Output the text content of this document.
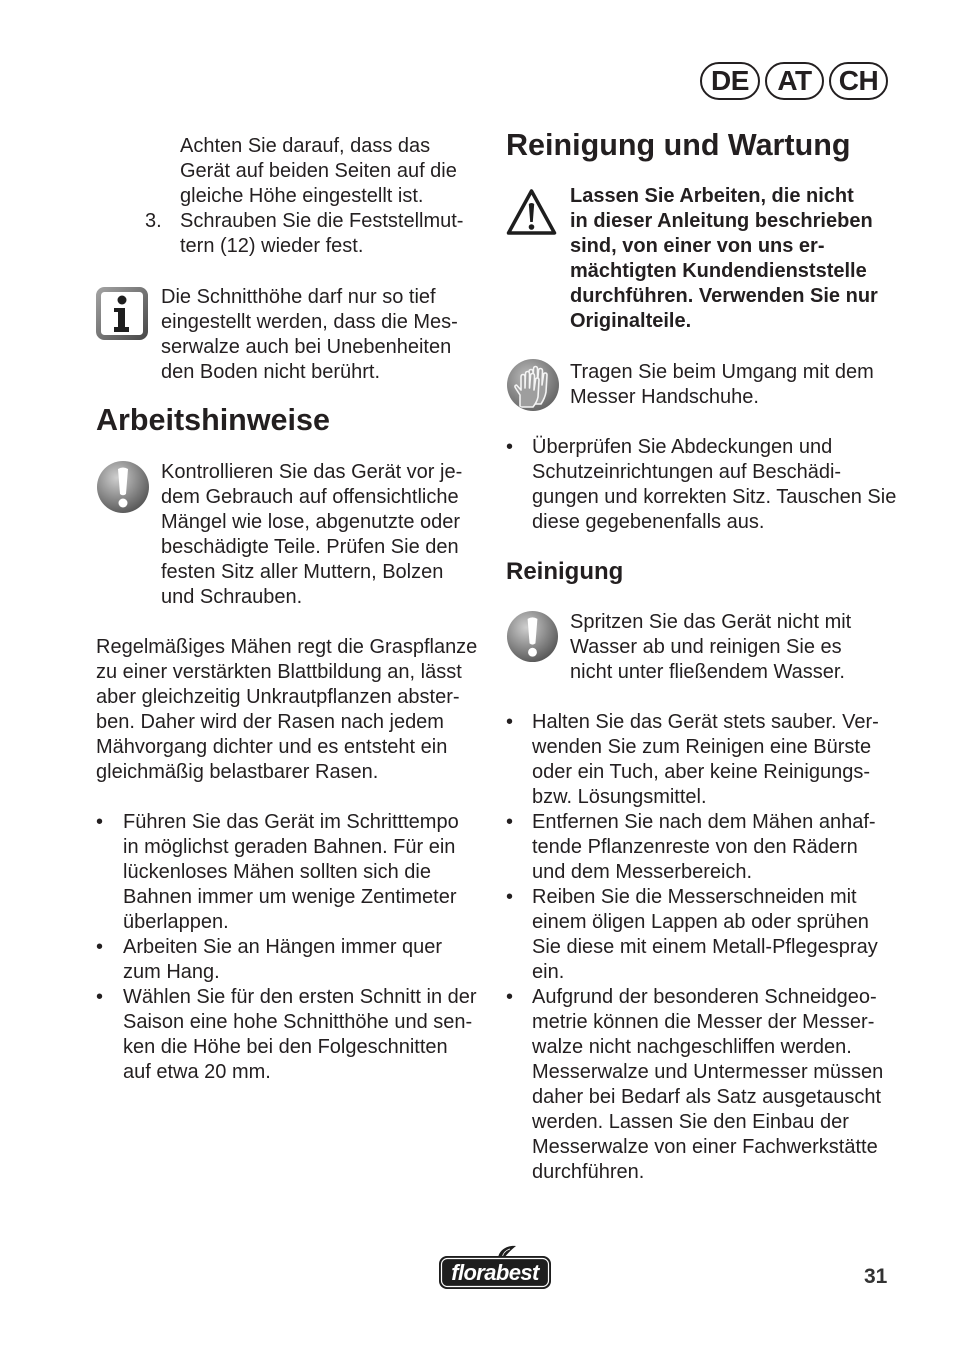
DE	AT CH
Achten Sie darauf, dass das
Gerät auf beiden Seiten auf die
gleiche Höhe eingestellt ist.
3. Schrauben Sie die Feststellmut-
tern (12) wieder fest.
Die Schnitthöhe darf nur so tief
eingestellt werden, dass die Mes-
serwalze auch bei Unebenheiten
den Boden nicht berührt.
Arbeitshinweise
Kontrollieren Sie das Gerät vor je-
dem Gebrauch auf offensichtliche
Mängel wie lose, abgenutzte oder
beschädigte Teile. Prüfen Sie den
festen Sitz aller Muttern, Bolzen
und Schrauben.
Regelmäßiges Mähen regt die Graspflanze
zu einer verstärkten Blattbildung an, lässt
aber gleichzeitig Unkrautpflanzen abster-
ben. Daher wird der Rasen nach jedem
Mähvorgang dichter und es entsteht ein
gleichmäßig belastbarer Rasen.
• Führen Sie das Gerät im Schritttempo
in möglichst geraden Bahnen. Für ein
lückenloses Mähen sollten sich die
Bahnen immer um wenige Zentimeter
überlappen.
• Arbeiten Sie an Hängen immer quer
zum Hang.
• Wählen Sie für den ersten Schnitt in der
Saison eine hohe Schnitthöhe und sen-
ken die Höhe bei den Folgeschnitten
auf etwa 20 mm.
Reinigung und Wartung
Lassen Sie Arbeiten, die nicht
in dieser Anleitung beschrieben
sind, von einer von uns er-
mächtigten Kundendienststelle
durchführen. Verwenden Sie nur
Originalteile.
Tragen Sie beim Umgang mit dem
Messer Handschuhe.
• Überprüfen Sie Abdeckungen und
Schutzeinrichtungen auf Beschädi-
gungen und korrekten Sitz. Tauschen Sie
diese gegebenenfalls aus.
Reinigung
Spritzen Sie das Gerät nicht mit
Wasser ab und reinigen Sie es
nicht unter fließendem Wasser.
• Halten Sie das Gerät stets sauber. Ver-
wenden Sie zum Reinigen eine Bürste
oder ein Tuch, aber keine Reinigungs-
bzw. Lösungsmittel.
• Entfernen Sie nach dem Mähen anhaf-
tende Pflanzenreste von den Rädern
und dem Messerbereich.
• Reiben Sie die Messerschneiden mit
einem öligen Lappen ab oder sprühen
Sie diese mit einem Metall-Pflegespray
ein.
• Aufgrund der besonderen Schneidgeo-
metrie können die Messer der Messer-
walze nicht nachgeschliffen werden.
Messerwalze und Untermesser müssen
daher bei Bedarf als Satz ausgetauscht
werden. Lassen Sie den Einbau der
Messerwalze von einer Fachwerkstätte
durchführen.
florabest	31
